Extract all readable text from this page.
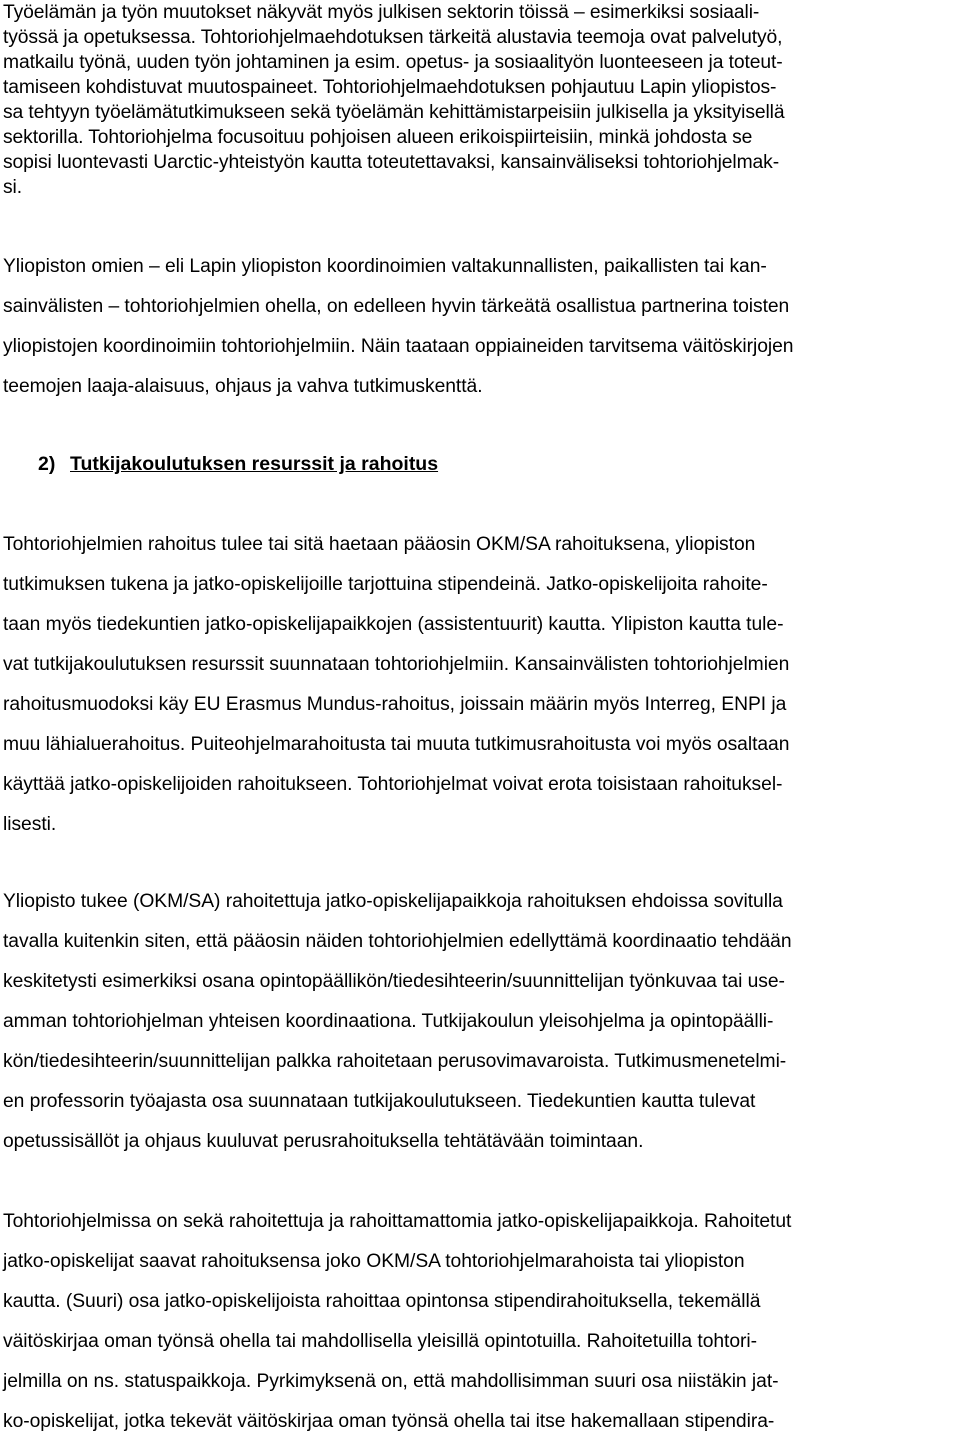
Työelämän ja työn muutokset näkyvät myös julkisen sektorin töissä – esimerkiksi sosiaali-
työssä ja opetuksessa. Tohtoriohjelmaehdotuksen tärkeitä alustavia teemoja ovat palvelutyö,
matkailu työnä, uuden työn johtaminen ja esim. opetus- ja sosiaalityön luonteeseen ja toteut-
tamiseen kohdistuvat muutospaineet. Tohtoriohjelmaehdotuksen pohjautuu Lapin yliopistos-
sa tehtyyn työelämätutkimukseen sekä työelämän kehittämistarpeisiin julkisella ja yksityisellä
sektorilla. Tohtoriohjelma focusoituu pohjoisen alueen erikoispiirteisiin, minkä johdosta se
sopisi luontevasti Uarctic-yhteistyön kautta toteutettavaksi, kansainväliseksi tohtoriohjelmak-
si.
Yliopiston omien – eli Lapin yliopiston koordinoimien valtakunnallisten, paikallisten tai kan-
sainvälisten – tohtoriohjelmien ohella, on edelleen hyvin tärkeätä osallistua partnerina toisten
yliopistojen koordinoimiin tohtoriohjelmiin. Näin taataan oppiaineiden tarvitsema väitöskirjojen
teemojen laaja-alaisuus, ohjaus ja vahva tutkimuskenttä.
2) Tutkijakoulutuksen resurssit ja rahoitus
Tohtoriohjelmien rahoitus tulee tai sitä haetaan pääosin OKM/SA rahoituksena, yliopiston
tutkimuksen tukena ja jatko-opiskelijoille tarjottuina stipendeinä. Jatko-opiskelijoita rahoite-
taan myös tiedekuntien jatko-opiskelijapaikkojen (assistentuurit) kautta. Ylipiston kautta tule-
vat tutkijakoulutuksen resurssit suunnataan tohtoriohjelmiin. Kansainvälisten tohtoriohjelmien
rahoitusmuodoksi käy EU Erasmus Mundus-rahoitus, joissain määrin myös Interreg, ENPI ja
muu lähialuerahoitus. Puiteohjelmarahoitusta tai muuta tutkimusrahoitusta voi myös osaltaan
käyttää jatko-opiskelijoiden rahoitukseen. Tohtoriohjelmat voivat erota toisistaan rahoituksel-
lisesti.
Yliopisto tukee (OKM/SA) rahoitettuja jatko-opiskelijapaikkoja rahoituksen ehdoissa sovitulla
tavalla kuitenkin siten, että pääosin näiden tohtoriohjelmien edellyttämä koordinaatio tehdään
keskitetysti esimerkiksi osana opintopäällikön/tiedesihteerin/suunnittelijan työnkuvaa tai use-
amman tohtoriohjelman yhteisen koordinaationa. Tutkijakoulun yleisohjelma ja opintopäälli-
kön/tiedesihteerin/suunnittelijan palkka rahoitetaan perusovimavaroista. Tutkimusmenetelmi-
en professorin työajasta osa suunnataan tutkijakoulutukseen. Tiedekuntien kautta tulevat
opetussisällöt ja ohjaus kuuluvat perusrahoituksella tehtätävään toimintaan.
Tohtoriohjelmissa on sekä rahoitettuja ja rahoittamattomia jatko-opiskelijapaikkoja. Rahoitetut
jatko-opiskelijat saavat rahoituksensa joko OKM/SA tohtoriohjelmarahoista tai yliopiston
kautta. (Suuri) osa jatko-opiskelijoista rahoittaa opintonsa stipendirahoituksella, tekemällä
väitöskirjaa oman työnsä ohella tai mahdollisella yleisillä opintotuilla. Rahoitetuilla tohtori-
jelmilla on ns. statuspaikkoja. Pyrkimyksenä on, että mahdollisimman suuri osa niistäkin jat-
ko-opiskelijat, jotka tekevät väitöskirjaa oman työnsä ohella tai itse hakemallaan stipendira-
